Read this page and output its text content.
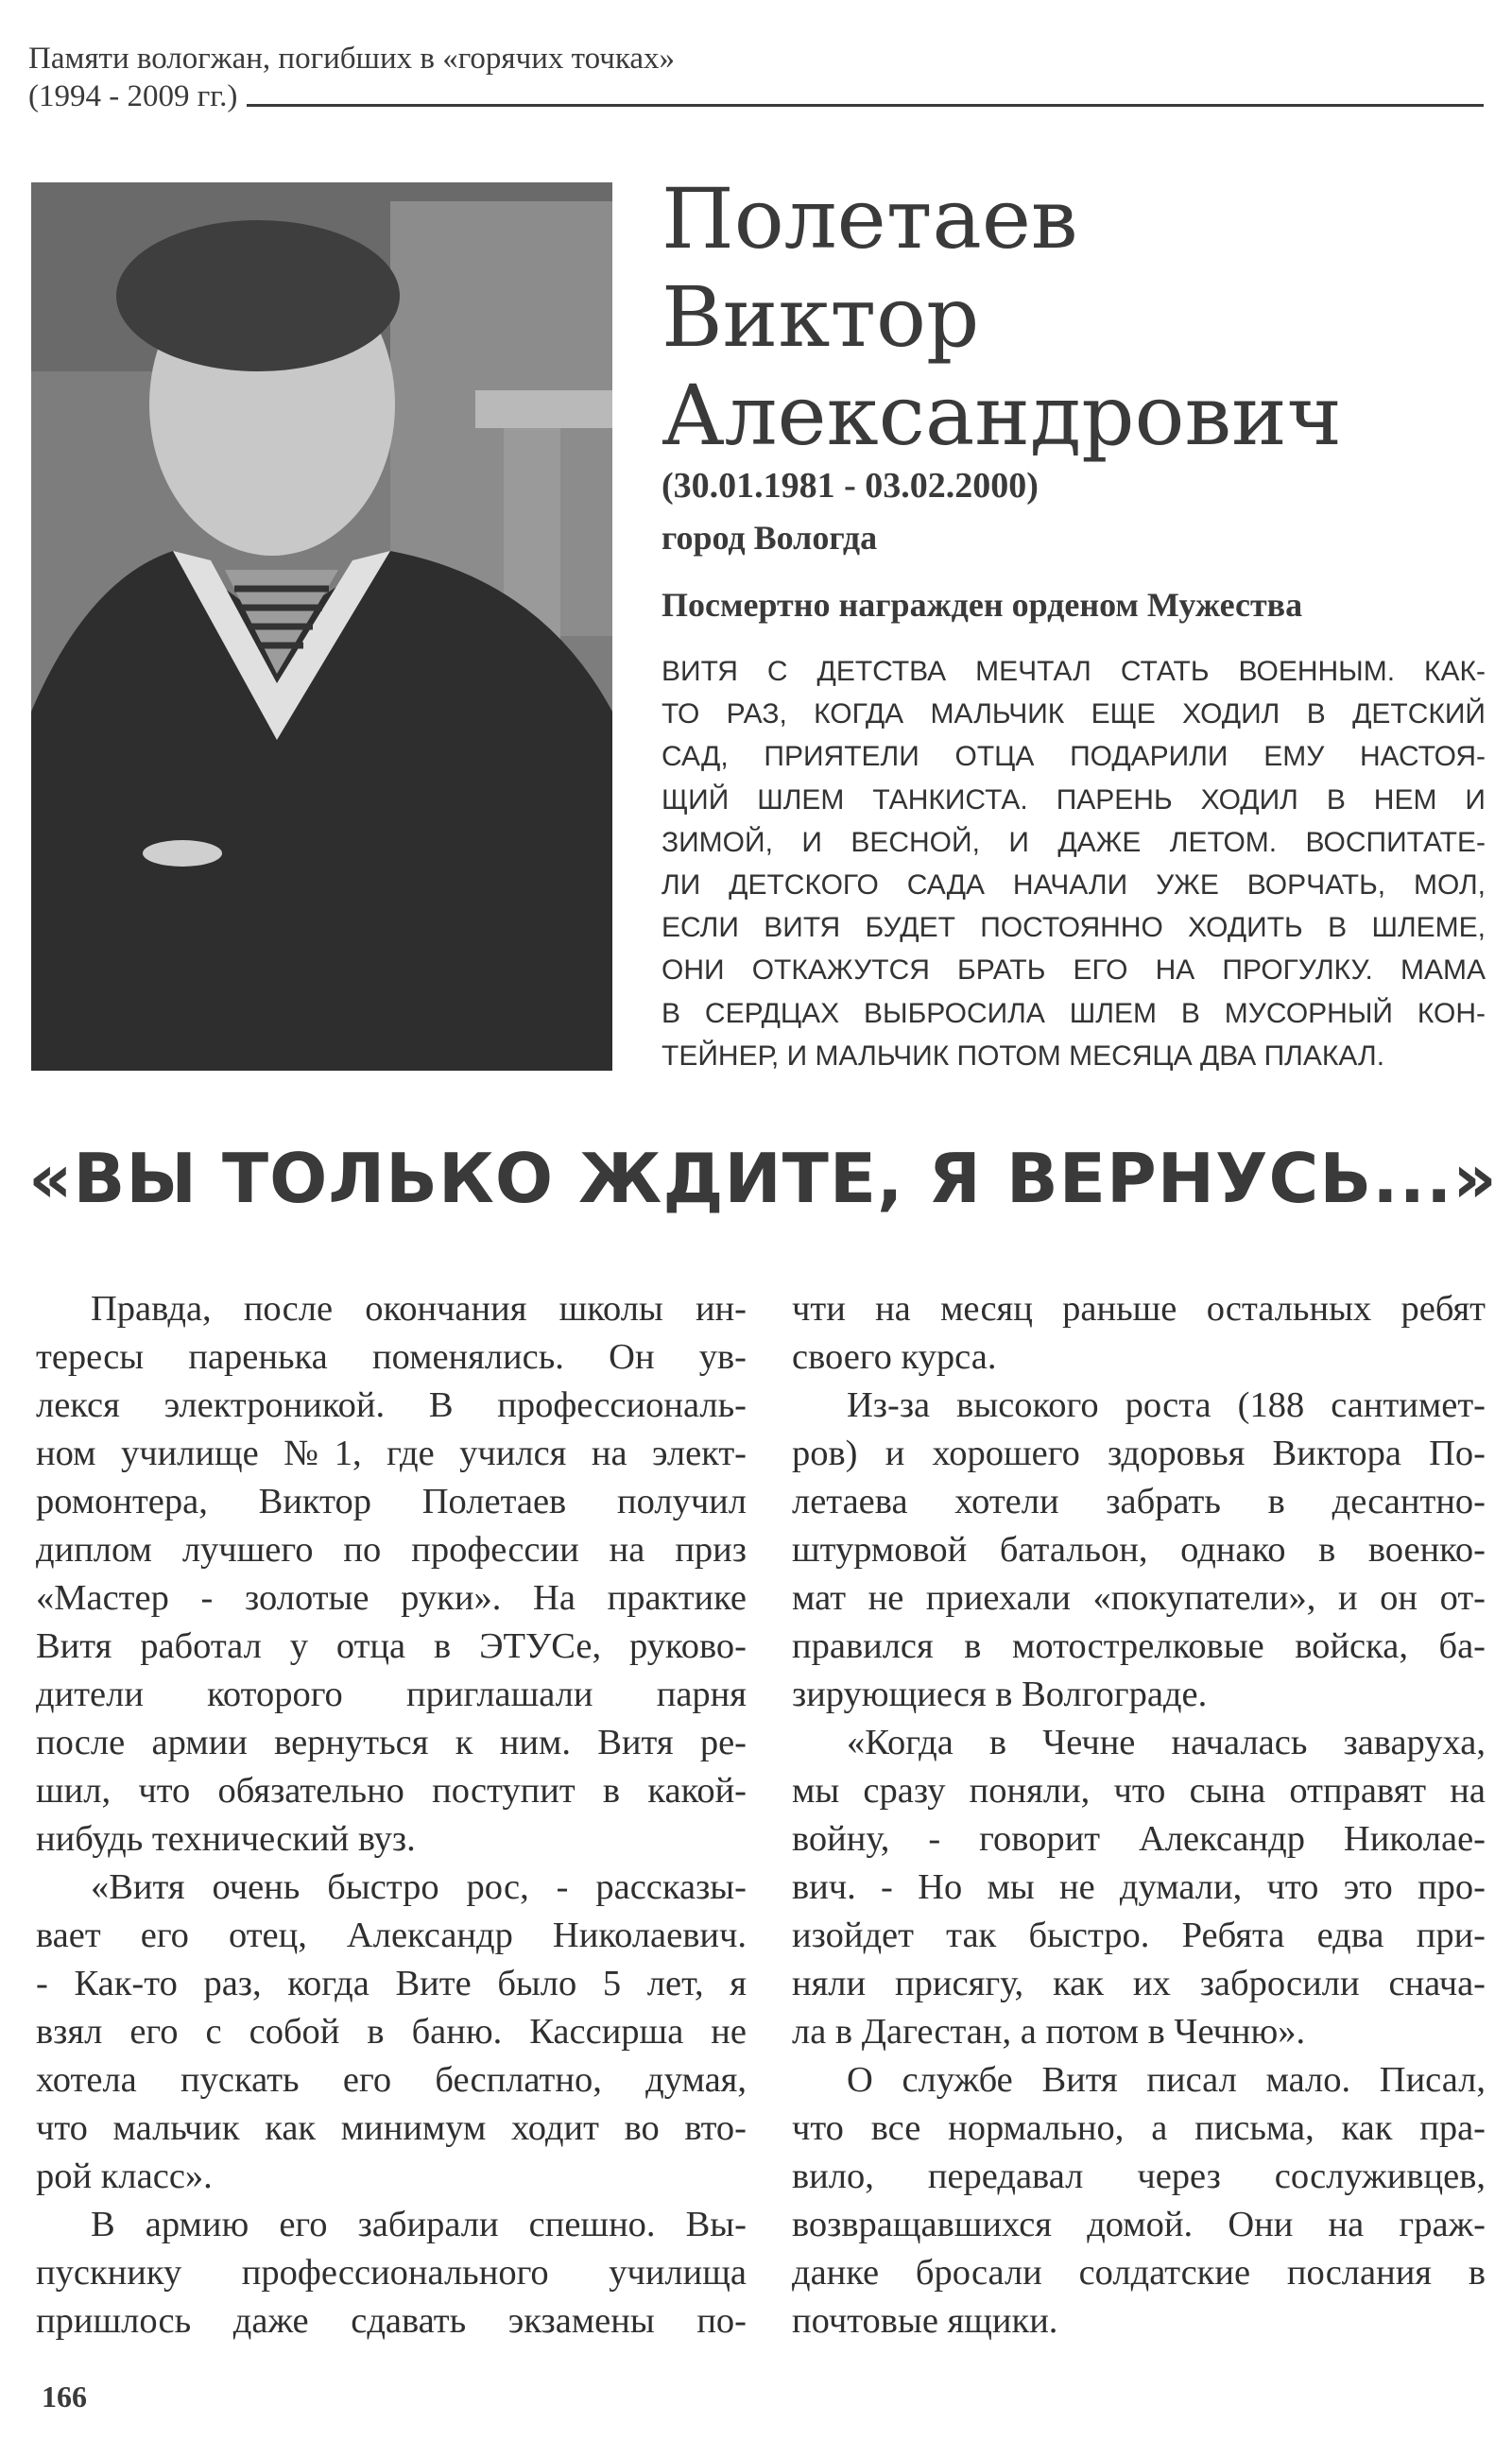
Памяти вологжан, погибших в «горячих точках»
(1994 - 2009 гг.)
Полетаев
Виктор
Александрович
(30.01.1981 - 03.02.2000)
город Вологда
Посмертно награжден орденом Мужества

ВИТЯ С ДЕТСТВА МЕЧТАЛ СТАТЬ ВОЕННЫМ. КАК-

ТО РАЗ, КОГДА МАЛЬЧИК ЕЩЕ ХОДИЛ В ДЕТСКИЙ

САД, ПРИЯТЕЛИ ОТЦА ПОДАРИЛИ ЕМУ НАСТОЯ-

ЩИЙ ШЛЕМ ТАНКИСТА. ПАРЕНЬ ХОДИЛ В НЕМ И

ЗИМОЙ, И ВЕСНОЙ, И ДАЖЕ ЛЕТОМ. ВОСПИТАТЕ-

ЛИ ДЕТСКОГО САДА НАЧАЛИ УЖЕ ВОРЧАТЬ, МОЛ,

ЕСЛИ ВИТЯ БУДЕТ ПОСТОЯННО ХОДИТЬ В ШЛЕМЕ,

ОНИ ОТКАЖУТСЯ БРАТЬ ЕГО НА ПРОГУЛКУ. МАМА

В СЕРДЦАХ ВЫБРОСИЛА ШЛЕМ В МУСОРНЫЙ КОН-

ТЕЙНЕР, И МАЛЬЧИК ПОТОМ МЕСЯЦА ДВА ПЛАКАЛ.

«ВЫ ТОЛЬКО ЖДИТЕ, Я ВЕРНУСЬ...»

Правда, после окончания школы ин-

тересы паренька поменялись. Он ув-

лекся электроникой. В профессиональ-

ном училище №1, где учился на элект-

ромонтера, Виктор Полетаев получил

диплом лучшего по профессии на приз

«Мастер - золотые руки». На практике

Витя работал у отца в ЭТУСе, руково-

дители которого приглашали парня

после армии вернуться к ним. Витя ре-

шил, что обязательно поступит в какой-

нибудь технический вуз.

«Витя очень быстро рос, - рассказы-

вает его отец, Александр Николаевич.

- Как-то раз, когда Вите было 5 лет, я

взял его с собой в баню. Кассирша не

хотела пускать его бесплатно, думая,

что мальчик как минимум ходит во вто-

рой класс».

В армию его забирали спешно. Вы-

пускнику профессионального училища

пришлось даже сдавать экзамены по-

чти на месяц раньше остальных ребят

своего курса.

Из-за высокого роста (188 сантимет-

ров) и хорошего здоровья Виктора По-

летаева хотели забрать в десантно-

штурмовой батальон, однако в военко-

мат не приехали «покупатели», и он от-

правился в мотострелковые войска, ба-

зирующиеся в Волгограде.

«Когда в Чечне началась заваруха,

мы сразу поняли, что сына отправят на

войну, - говорит Александр Николае-

вич. - Но мы не думали, что это про-

изойдет так быстро. Ребята едва при-

няли присягу, как их забросили снача-

ла в Дагестан, а потом в Чечню».

О службе Витя писал мало. Писал,

что все нормально, а письма, как пра-

вило, передавал через сослуживцев,

возвращавшихся домой. Они на граж-

данке бросали солдатские послания в

почтовые ящики.

166
